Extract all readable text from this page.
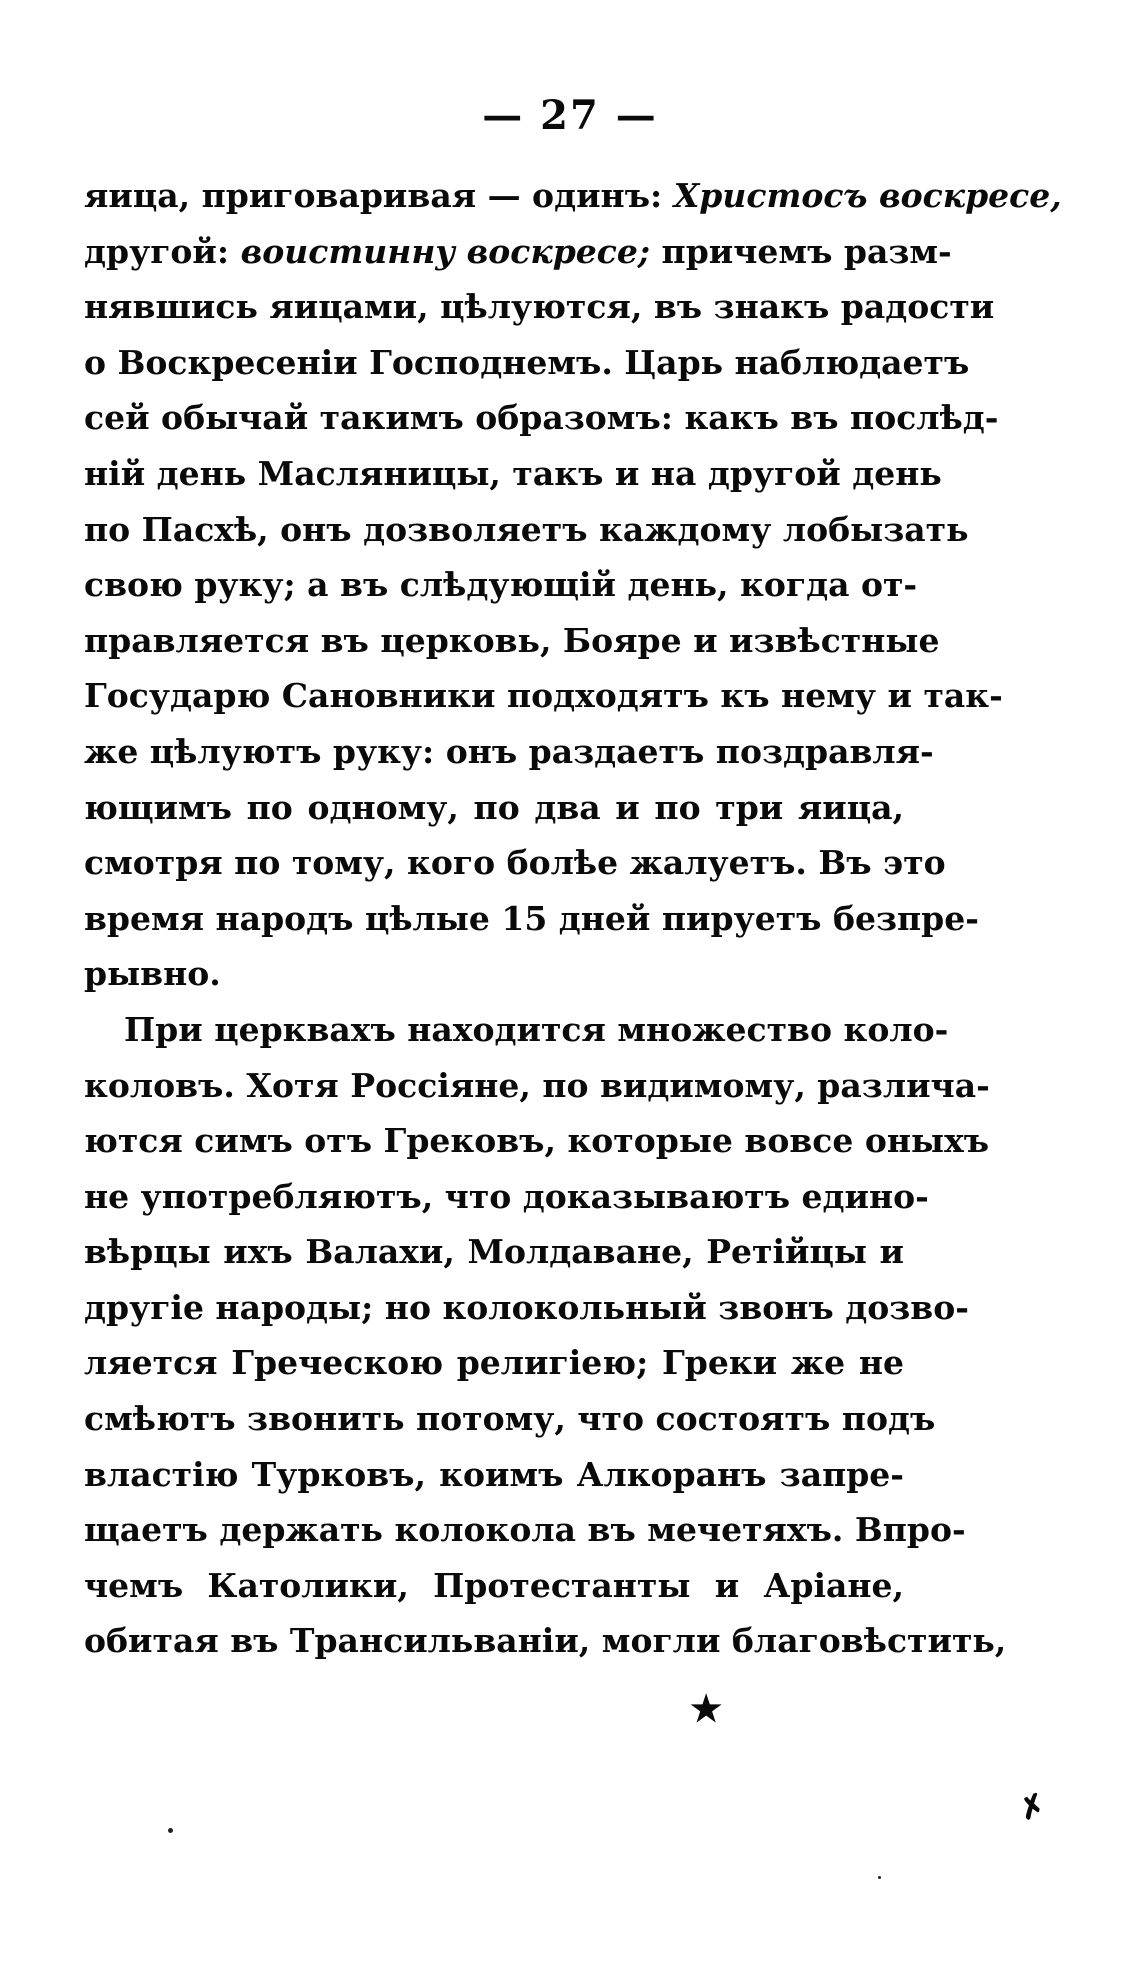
— 27 —
яица, приговаривая — одинъ: Христосъ воскресе,
другой: воистинну воскресе; причемъ разм-
нявшись яицами, цѣлуются, въ знакъ радости
о Воскресеніи Господнемъ. Царь наблюдаетъ
сей обычай такимъ образомъ: какъ въ послѣд-
ній день Масляницы, такъ и на другой день
по Пасхѣ, онъ дозволяетъ каждому лобызать
свою руку; а въ слѣдующій день, когда от-
правляется въ церковь, Бояре и извѣстные
Государю Сановники подходятъ къ нему и так-
же цѣлуютъ руку: онъ раздаетъ поздравля-
ющимъ по одному, по два и по три яица,
смотря по тому, кого болѣе жалуетъ. Въ это
время народъ цѣлые 15 дней пируетъ безпре-
рывно.
При церквахъ находится множество коло-
коловъ. Хотя Россіяне, по видимому, различа-
ются симъ отъ Грековъ, которые вовсе оныхъ
не употребляютъ, что доказываютъ едино-
вѣрцы ихъ Валахи, Молдаване, Ретійцы и
другіе народы; но колокольный звонъ дозво-
ляется Греческою религіею; Греки же не
смѣютъ звонить потому, что состоятъ подъ
властію Турковъ, коимъ Алкоранъ запре-
щаетъ держать колокола въ мечетяхъ. Впро-
чемъ Католики, Протестанты и Аріане,
обитая въ Трансильваніи, могли благовѣстить,
★
✗
